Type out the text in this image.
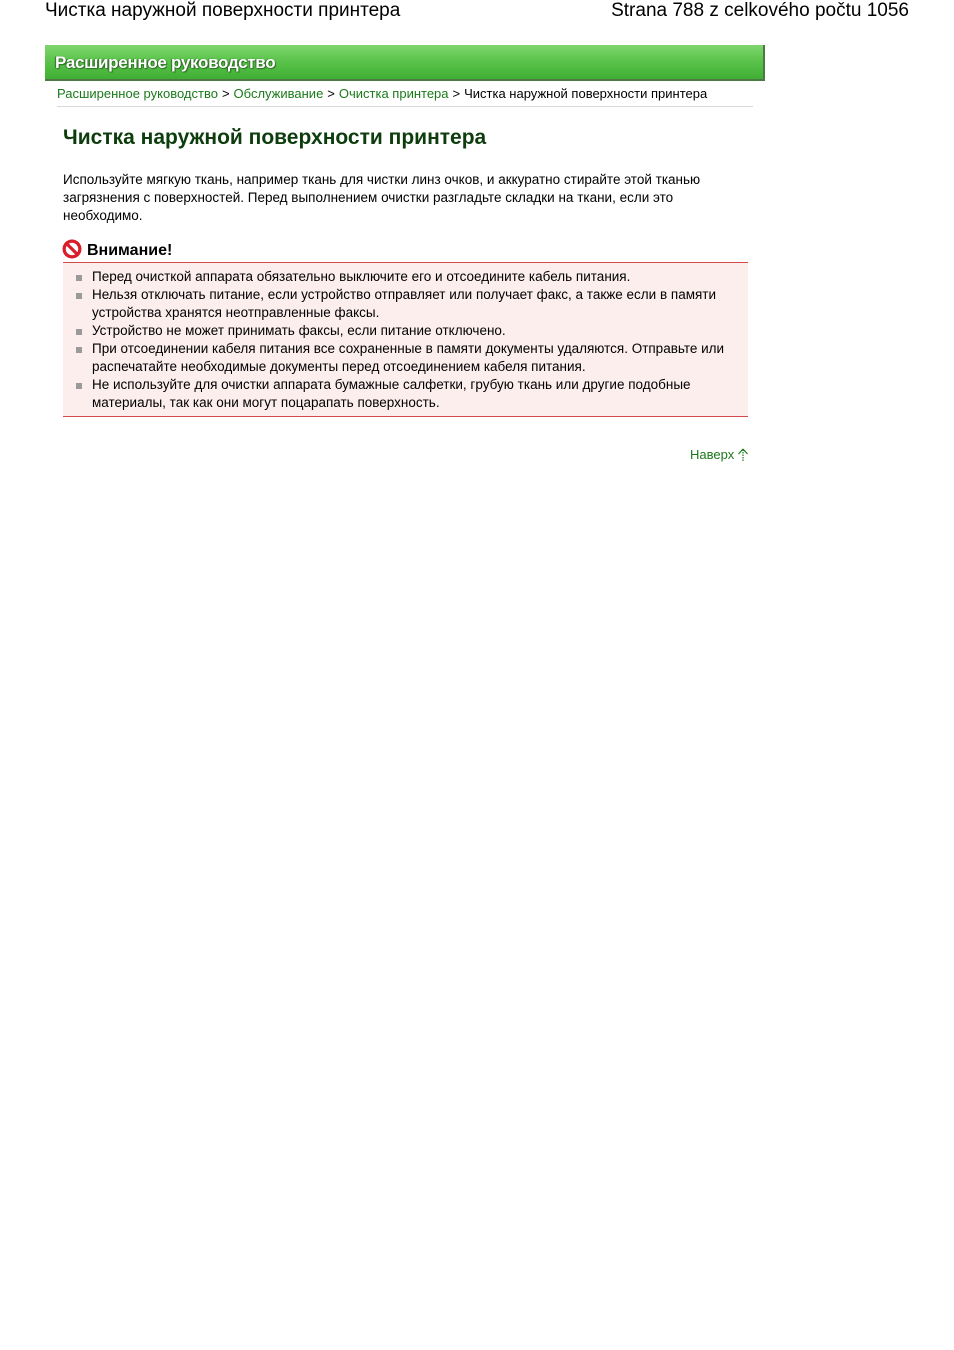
Чистка наружной поверхности принтера	Strana 788 z celkového počtu 1056
Расширенное руководство
Расширенное руководство > Обслуживание > Очистка принтера > Чистка наружной поверхности принтера
Чистка наружной поверхности принтера

Используйте мягкую ткань, например ткань для чистки линз очков, и аккуратно стирайте этой тканью загрязнения с поверхностей. Перед выполнением очистки разгладьте складки на ткани, если это необходимо.

Внимание!
Перед очисткой аппарата обязательно выключите его и отсоедините кабель питания.
Нельзя отключать питание, если устройство отправляет или получает факс, а также если в памяти устройства хранятся неотправленные факсы.
Устройство не может принимать факсы, если питание отключено.
При отсоединении кабеля питания все сохраненные в памяти документы удаляются. Отправьте или распечатайте необходимые документы перед отсоединением кабеля питания.
Не используйте для очистки аппарата бумажные салфетки, грубую ткань или другие подобные материалы, так как они могут поцарапать поверхность.
Наверх
